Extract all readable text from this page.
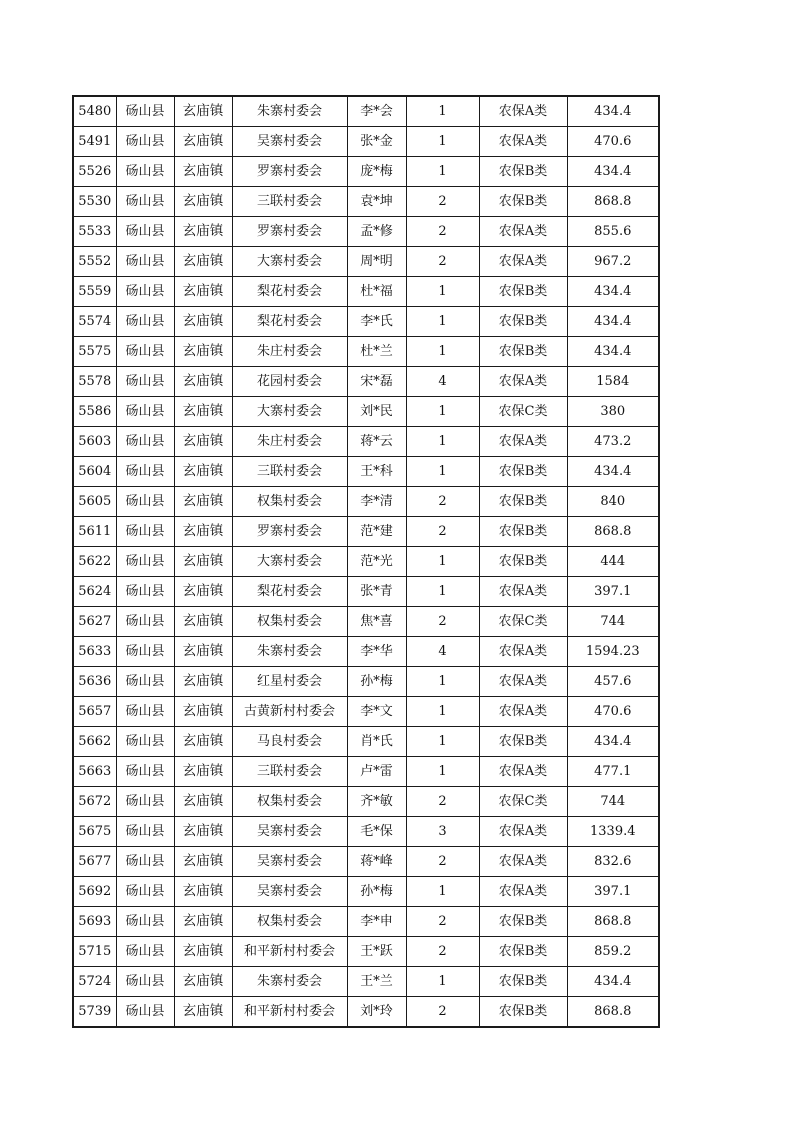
5480	砀山县	玄庙镇	朱寨村委会	李*会	1	农保A类	434.4
5491	砀山县	玄庙镇	吴寨村委会	张*金	1	农保A类	470.6
5526	砀山县	玄庙镇	罗寨村委会	庞*梅	1	农保B类	434.4
5530	砀山县	玄庙镇	三联村委会	袁*坤	2	农保B类	868.8
5533	砀山县	玄庙镇	罗寨村委会	孟*修	2	农保A类	855.6
5552	砀山县	玄庙镇	大寨村委会	周*明	2	农保A类	967.2
5559	砀山县	玄庙镇	梨花村委会	杜*福	1	农保B类	434.4
5574	砀山县	玄庙镇	梨花村委会	李*氏	1	农保B类	434.4
5575	砀山县	玄庙镇	朱庄村委会	杜*兰	1	农保B类	434.4
5578	砀山县	玄庙镇	花园村委会	宋*磊	4	农保A类	1584
5586	砀山县	玄庙镇	大寨村委会	刘*民	1	农保C类	380
5603	砀山县	玄庙镇	朱庄村委会	蒋*云	1	农保A类	473.2
5604	砀山县	玄庙镇	三联村委会	王*科	1	农保B类	434.4
5605	砀山县	玄庙镇	权集村委会	李*清	2	农保B类	840
5611	砀山县	玄庙镇	罗寨村委会	范*建	2	农保B类	868.8
5622	砀山县	玄庙镇	大寨村委会	范*光	1	农保B类	444
5624	砀山县	玄庙镇	梨花村委会	张*青	1	农保A类	397.1
5627	砀山县	玄庙镇	权集村委会	焦*喜	2	农保C类	744
5633	砀山县	玄庙镇	朱寨村委会	李*华	4	农保A类	1594.23
5636	砀山县	玄庙镇	红星村委会	孙*梅	1	农保A类	457.6
5657	砀山县	玄庙镇	古黄新村村委会	李*文	1	农保A类	470.6
5662	砀山县	玄庙镇	马良村委会	肖*氏	1	农保B类	434.4
5663	砀山县	玄庙镇	三联村委会	卢*雷	1	农保A类	477.1
5672	砀山县	玄庙镇	权集村委会	齐*敏	2	农保C类	744
5675	砀山县	玄庙镇	吴寨村委会	毛*保	3	农保A类	1339.4
5677	砀山县	玄庙镇	吴寨村委会	蒋*峰	2	农保A类	832.6
5692	砀山县	玄庙镇	吴寨村委会	孙*梅	1	农保A类	397.1
5693	砀山县	玄庙镇	权集村委会	李*申	2	农保B类	868.8
5715	砀山县	玄庙镇	和平新村村委会	王*跃	2	农保B类	859.2
5724	砀山县	玄庙镇	朱寨村委会	王*兰	1	农保B类	434.4
5739	砀山县	玄庙镇	和平新村村委会	刘*玲	2	农保B类	868.8
